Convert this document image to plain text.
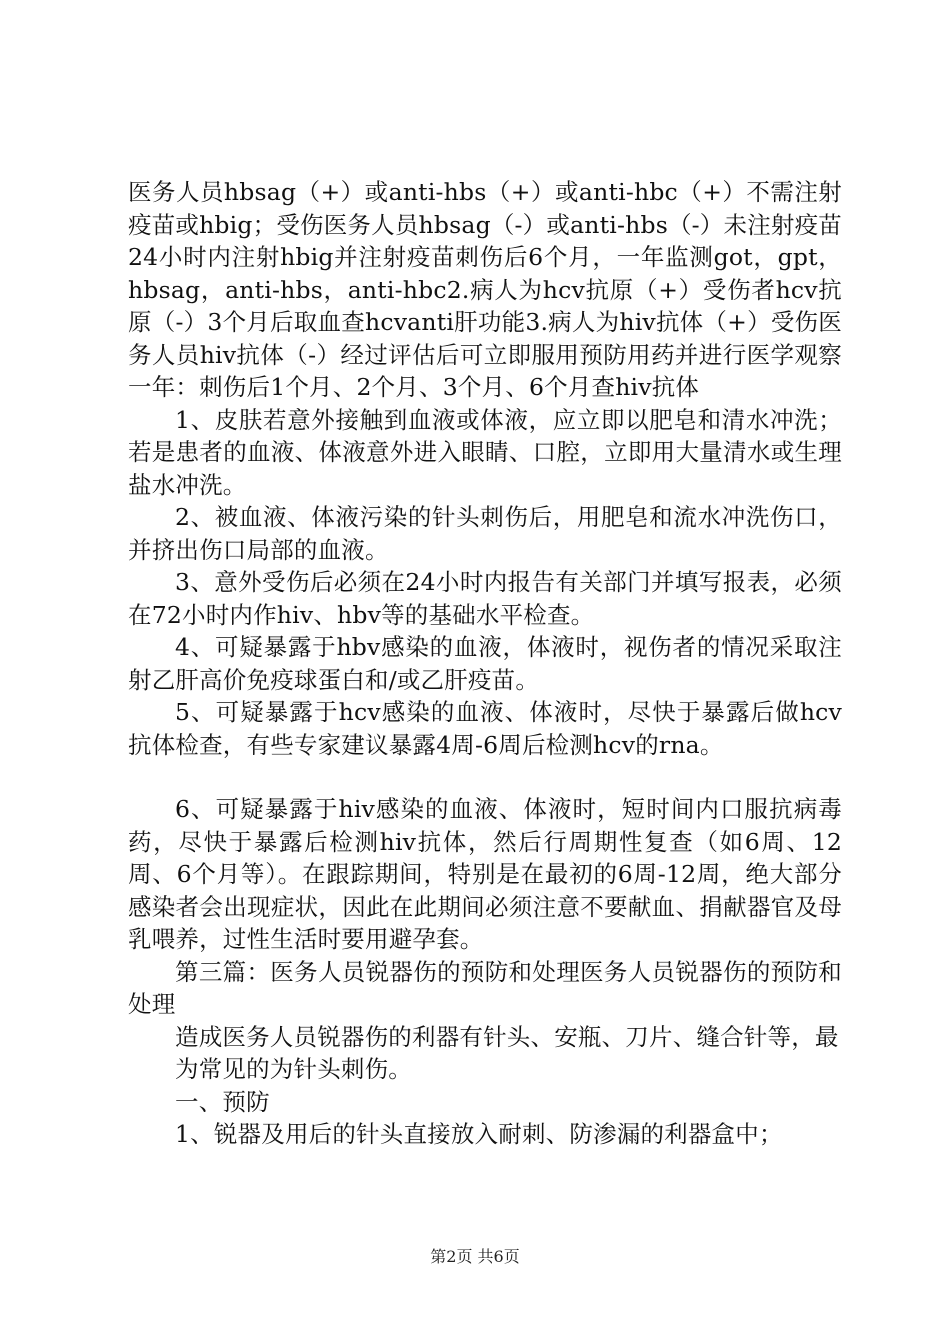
医务人员hbsag（+）或anti-hbs（+）或anti-hbc（+）不需注射疫苗或hbig；受伤医务人员hbsag（-）或anti-hbs（-）未注射疫苗24小时内注射hbig并注射疫苗刺伤后6个月，一年监测got，gpt，hbsag，anti-hbs，anti-hbc2.病人为hcv抗原（+）受伤者hcv抗原（-）3个月后取血查hcvanti肝功能3.病人为hiv抗体（+）受伤医务人员hiv抗体（-）经过评估后可立即服用预防用药并进行医学观察一年：刺伤后1个月、2个月、3个月、6个月查hiv抗体

1、皮肤若意外接触到血液或体液，应立即以肥皂和清水冲洗；若是患者的血液、体液意外进入眼睛、口腔，立即用大量清水或生理盐水冲洗。

2、被血液、体液污染的针头刺伤后，用肥皂和流水冲洗伤口，并挤出伤口局部的血液。

3、意外受伤后必须在24小时内报告有关部门并填写报表，必须在72小时内作hiv、hbv等的基础水平检查。

4、可疑暴露于hbv感染的血液，体液时，视伤者的情况采取注射乙肝高价免疫球蛋白和/或乙肝疫苗。

5、可疑暴露于hcv感染的血液、体液时，尽快于暴露后做hcv抗体检查，有些专家建议暴露4周-6周后检测hcv的rna。

6、可疑暴露于hiv感染的血液、体液时，短时间内口服抗病毒药，尽快于暴露后检测hiv抗体，然后行周期性复查（如6周、12周、6个月等）。在跟踪期间，特别是在最初的6周-12周，绝大部分感染者会出现症状，因此在此期间必须注意不要献血、捐献器官及母乳喂养，过性生活时要用避孕套。

第三篇：医务人员锐器伤的预防和处理医务人员锐器伤的预防和处理

造成医务人员锐器伤的利器有针头、安瓶、刀片、缝合针等，最

为常见的为针头刺伤。

一、预防

1、锐器及用后的针头直接放入耐刺、防渗漏的利器盒中；

第2页 共6页
